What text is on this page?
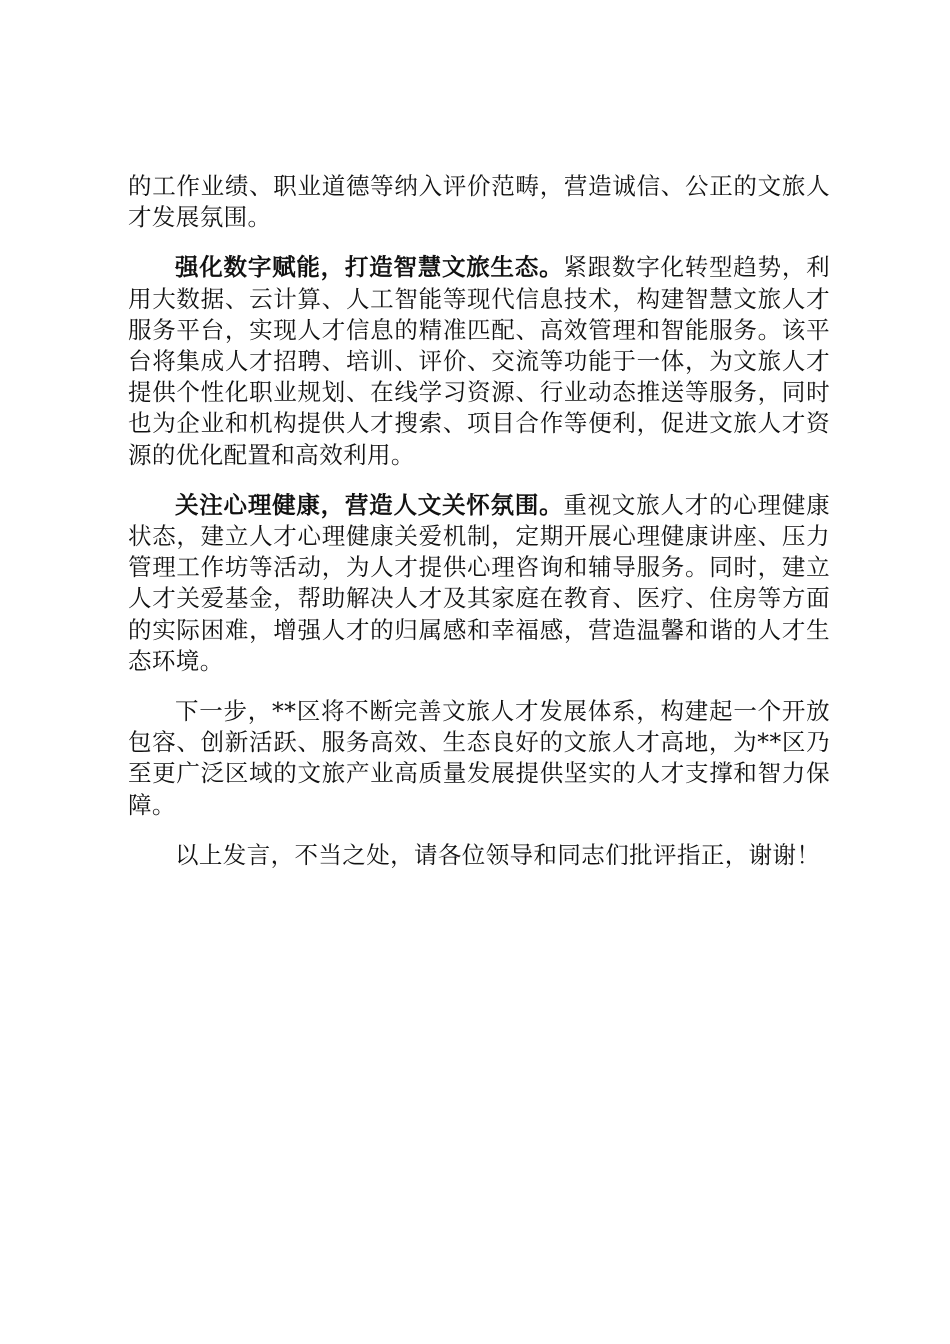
的工作业绩、职业道德等纳入评价范畴，营造诚信、公正的文旅人才发展氛围。

强化数字赋能，打造智慧文旅生态。紧跟数字化转型趋势，利用大数据、云计算、人工智能等现代信息技术，构建智慧文旅人才服务平台，实现人才信息的精准匹配、高效管理和智能服务。该平台将集成人才招聘、培训、评价、交流等功能于一体，为文旅人才提供个性化职业规划、在线学习资源、行业动态推送等服务，同时也为企业和机构提供人才搜索、项目合作等便利，促进文旅人才资源的优化配置和高效利用。

关注心理健康，营造人文关怀氛围。重视文旅人才的心理健康状态，建立人才心理健康关爱机制，定期开展心理健康讲座、压力管理工作坊等活动，为人才提供心理咨询和辅导服务。同时，建立人才关爱基金，帮助解决人才及其家庭在教育、医疗、住房等方面的实际困难，增强人才的归属感和幸福感，营造温馨和谐的人才生态环境。

下一步，**区将不断完善文旅人才发展体系，构建起一个开放包容、创新活跃、服务高效、生态良好的文旅人才高地，为**区乃至更广泛区域的文旅产业高质量发展提供坚实的人才支撑和智力保障。

以上发言，不当之处，请各位领导和同志们批评指正，谢谢！
